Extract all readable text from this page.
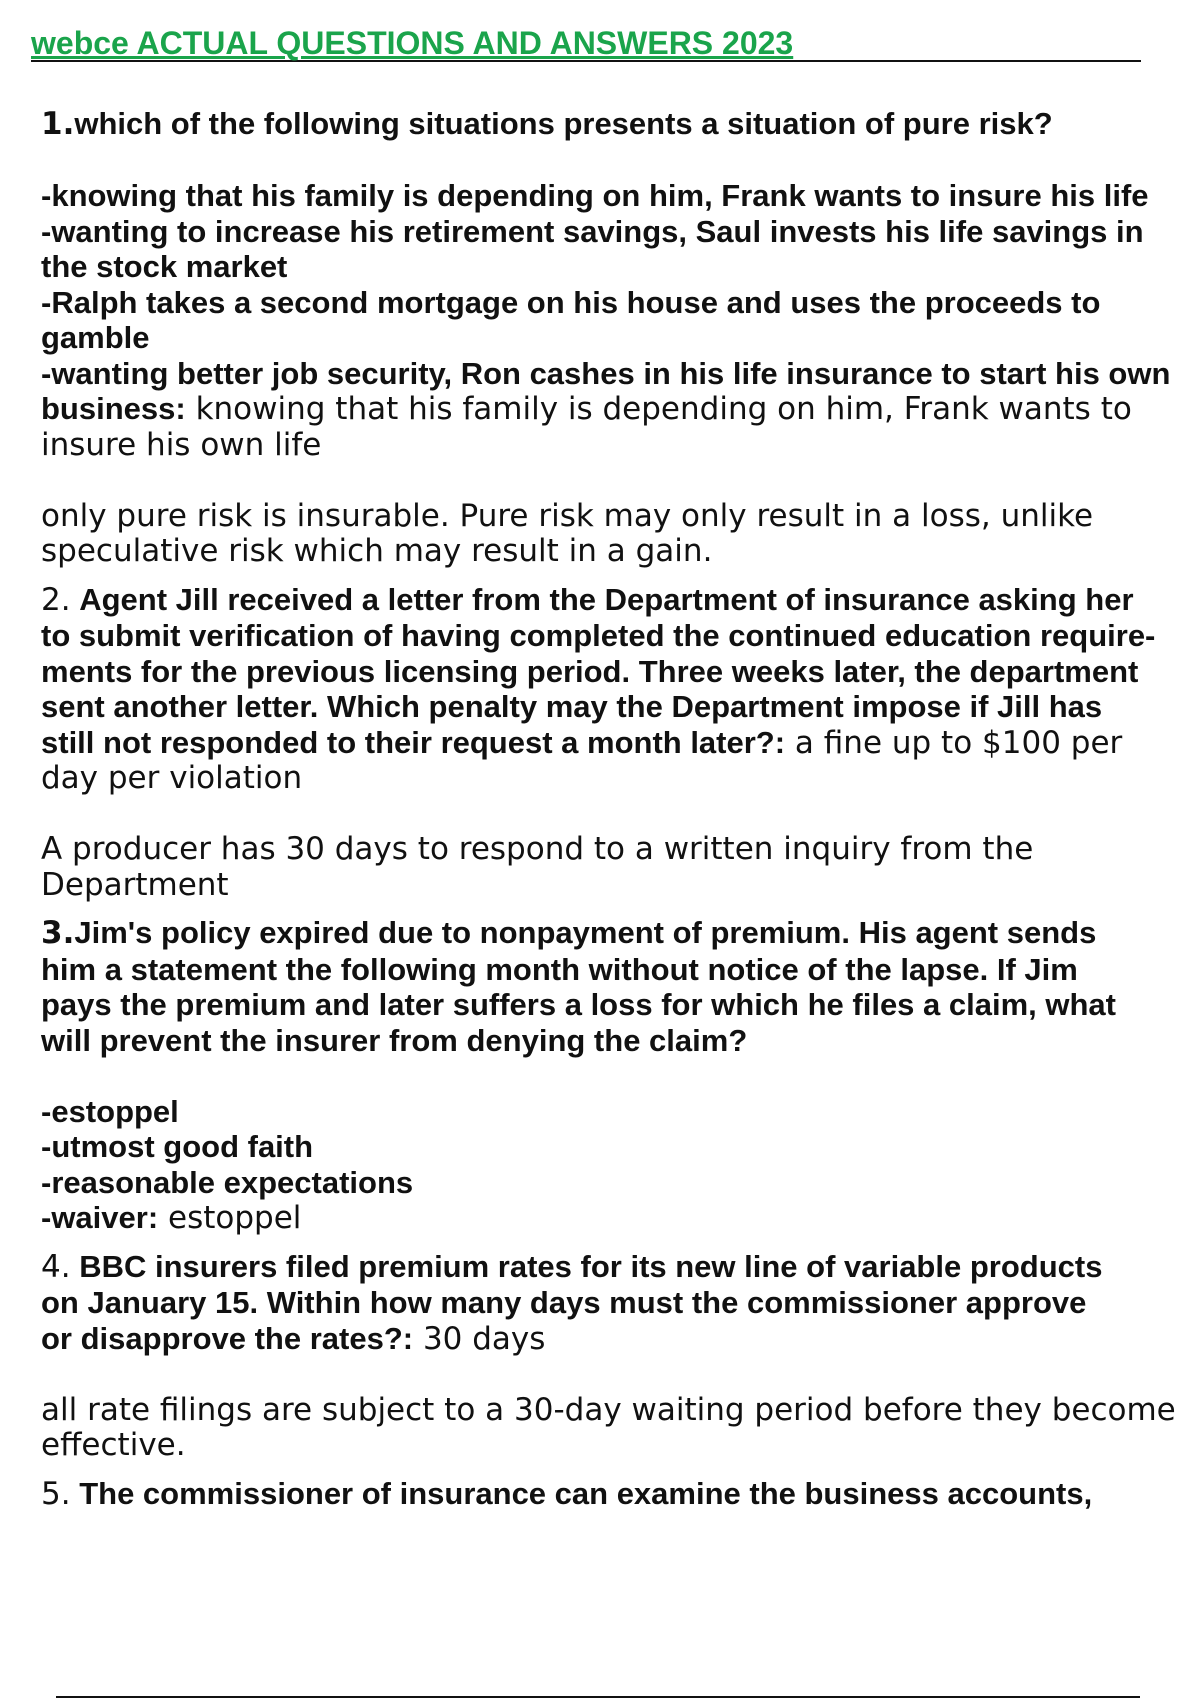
webce ACTUAL QUESTIONS AND ANSWERS 2023

1.which of the following situations presents a situation of pure risk?

-knowing that his family is depending on him, Frank wants to insure his life

-wanting to increase his retirement savings, Saul invests his life savings in

the stock market

-Ralph takes a second mortgage on his house and uses the proceeds to

gamble

-wanting better job security, Ron cashes in his life insurance to start his own

business: knowing that his family is depending on him, Frank wants to

insure his own life

only pure risk is insurable. Pure risk may only result in a loss, unlike

speculative risk which may result in a gain.

2. Agent Jill received a letter from the Department of insurance asking her

to submit verification of having completed the continued education require-

ments for the previous licensing period. Three weeks later, the department

sent another letter. Which penalty may the Department impose if Jill has

still not responded to their request a month later?: a fine up to $100 per

day per violation

A producer has 30 days to respond to a written inquiry from the

Department

3.Jim's policy expired due to nonpayment of premium. His agent sends

him a statement the following month without notice of the lapse. If Jim

pays the premium and later suffers a loss for which he files a claim, what

will prevent the insurer from denying the claim?

-estoppel

-utmost good faith

-reasonable expectations

-waiver: estoppel

4. BBC insurers filed premium rates for its new line of variable products

on January 15. Within how many days must the commissioner approve

or disapprove the rates?: 30 days

all rate filings are subject to a 30-day waiting period before they become

effective.

5. The commissioner of insurance can examine the business accounts,
